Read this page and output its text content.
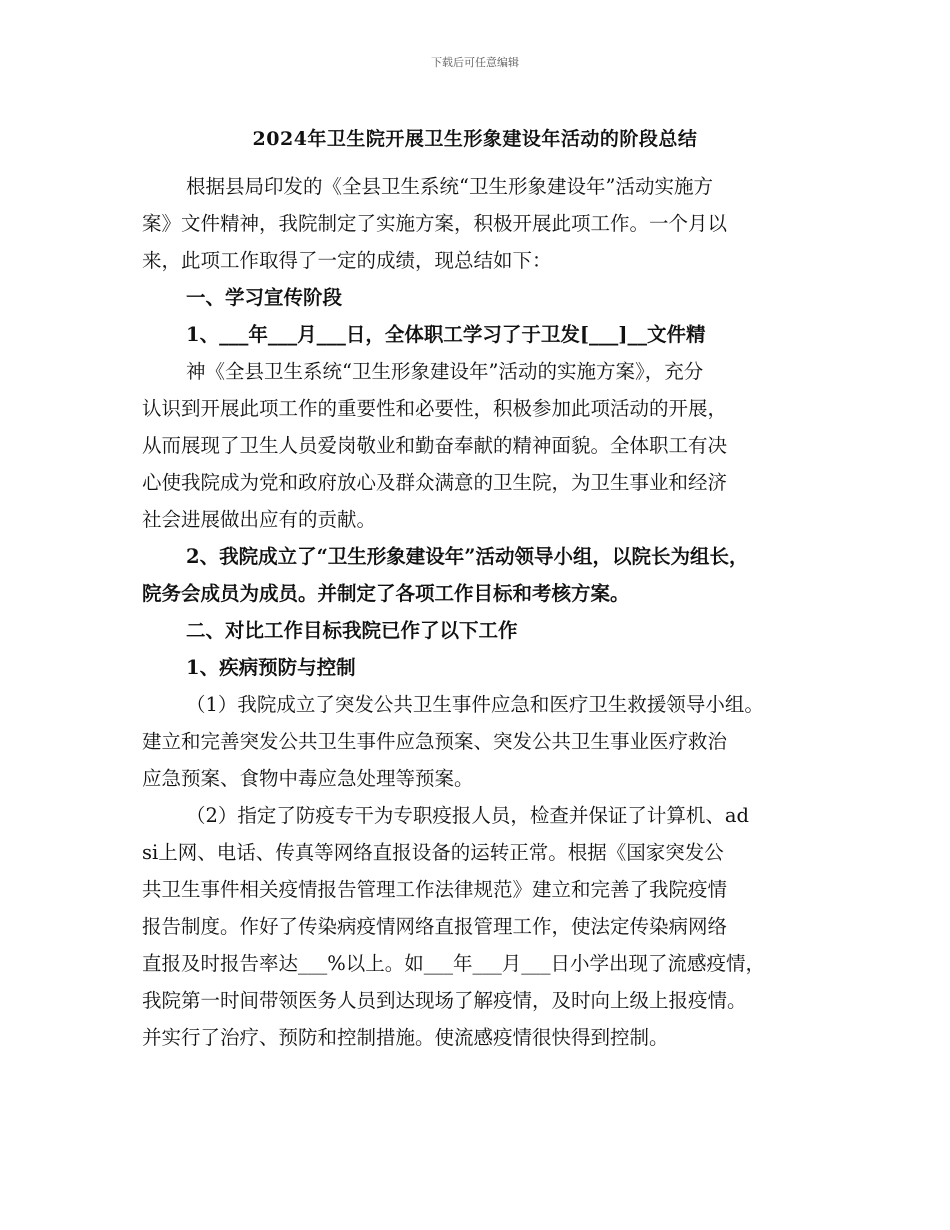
下载后可任意编辑
2024年卫生院开展卫生形象建设年活动的阶段总结
根据县局印发的《全县卫生系统“卫生形象建设年”活动实施方
案》文件精神，我院制定了实施方案，积极开展此项工作。一个月以
来，此项工作取得了一定的成绩，现总结如下：
一、学习宣传阶段
1、___年___月___日，全体职工学习了于卫发[___]__文件精
神《全县卫生系统“卫生形象建设年”活动的实施方案》，充分
认识到开展此项工作的重要性和必要性，积极参加此项活动的开展，
从而展现了卫生人员爱岗敬业和勤奋奉献的精神面貌。全体职工有决
心使我院成为党和政府放心及群众满意的卫生院，为卫生事业和经济
社会进展做出应有的贡献。
2、我院成立了“卫生形象建设年”活动领导小组，以院长为组长，
院务会成员为成员。并制定了各项工作目标和考核方案。
二、对比工作目标我院已作了以下工作
1、疾病预防与控制
（1）我院成立了突发公共卫生事件应急和医疗卫生救援领导小组。
建立和完善突发公共卫生事件应急预案、突发公共卫生事业医疗救治
应急预案、食物中毒应急处理等预案。
（2）指定了防疫专干为专职疫报人员，检查并保证了计算机、ad
si上网、电话、传真等网络直报设备的运转正常。根据《国家突发公
共卫生事件相关疫情报告管理工作法律规范》建立和完善了我院疫情
报告制度。作好了传染病疫情网络直报管理工作，使法定传染病网络
直报及时报告率达___%以上。如___年___月___日小学出现了流感疫情，
我院第一时间带领医务人员到达现场了解疫情，及时向上级上报疫情。
并实行了治疗、预防和控制措施。使流感疫情很快得到控制。
